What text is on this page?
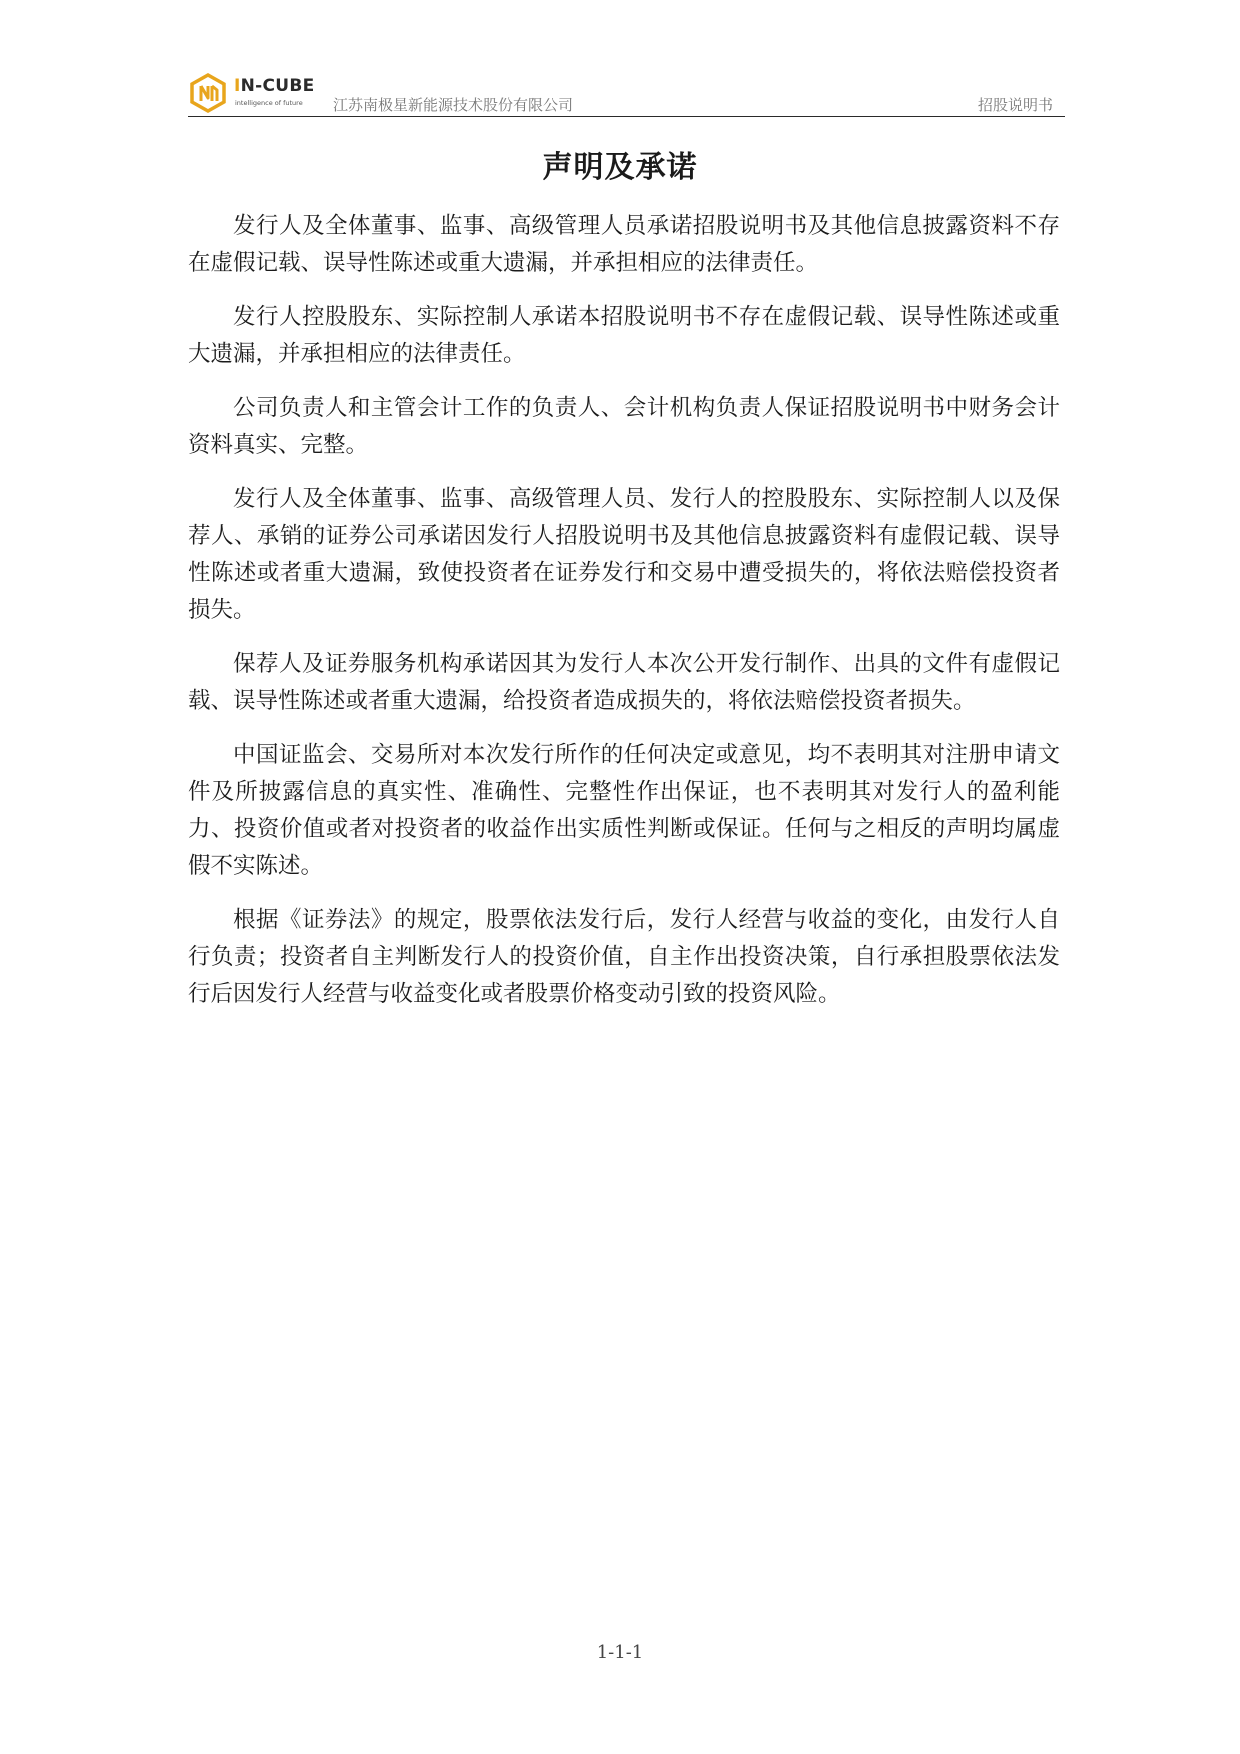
IN-CUBE
intelligence of future 江苏南极星新能源技术股份有限公司	招股说明书
声明及承诺

发行人及全体董事、监事、高级管理人员承诺招股说明书及其他信息披露资料不存在虚假记载、误导性陈述或重大遗漏，并承担相应的法律责任。

发行人控股股东、实际控制人承诺本招股说明书不存在虚假记载、误导性陈述或重大遗漏，并承担相应的法律责任。

公司负责人和主管会计工作的负责人、会计机构负责人保证招股说明书中财务会计资料真实、完整。

发行人及全体董事、监事、高级管理人员、发行人的控股股东、实际控制人以及保荐人、承销的证券公司承诺因发行人招股说明书及其他信息披露资料有虚假记载、误导性陈述或者重大遗漏，致使投资者在证券发行和交易中遭受损失的，将依法赔偿投资者损失。

保荐人及证券服务机构承诺因其为发行人本次公开发行制作、出具的文件有虚假记载、误导性陈述或者重大遗漏，给投资者造成损失的，将依法赔偿投资者损失。

中国证监会、交易所对本次发行所作的任何决定或意见，均不表明其对注册申请文件及所披露信息的真实性、准确性、完整性作出保证，也不表明其对发行人的盈利能力、投资价值或者对投资者的收益作出实质性判断或保证。任何与之相反的声明均属虚假不实陈述。

根据《证券法》的规定，股票依法发行后，发行人经营与收益的变化，由发行人自行负责；投资者自主判断发行人的投资价值，自主作出投资决策，自行承担股票依法发行后因发行人经营与收益变化或者股票价格变动引致的投资风险。

1-1-1
